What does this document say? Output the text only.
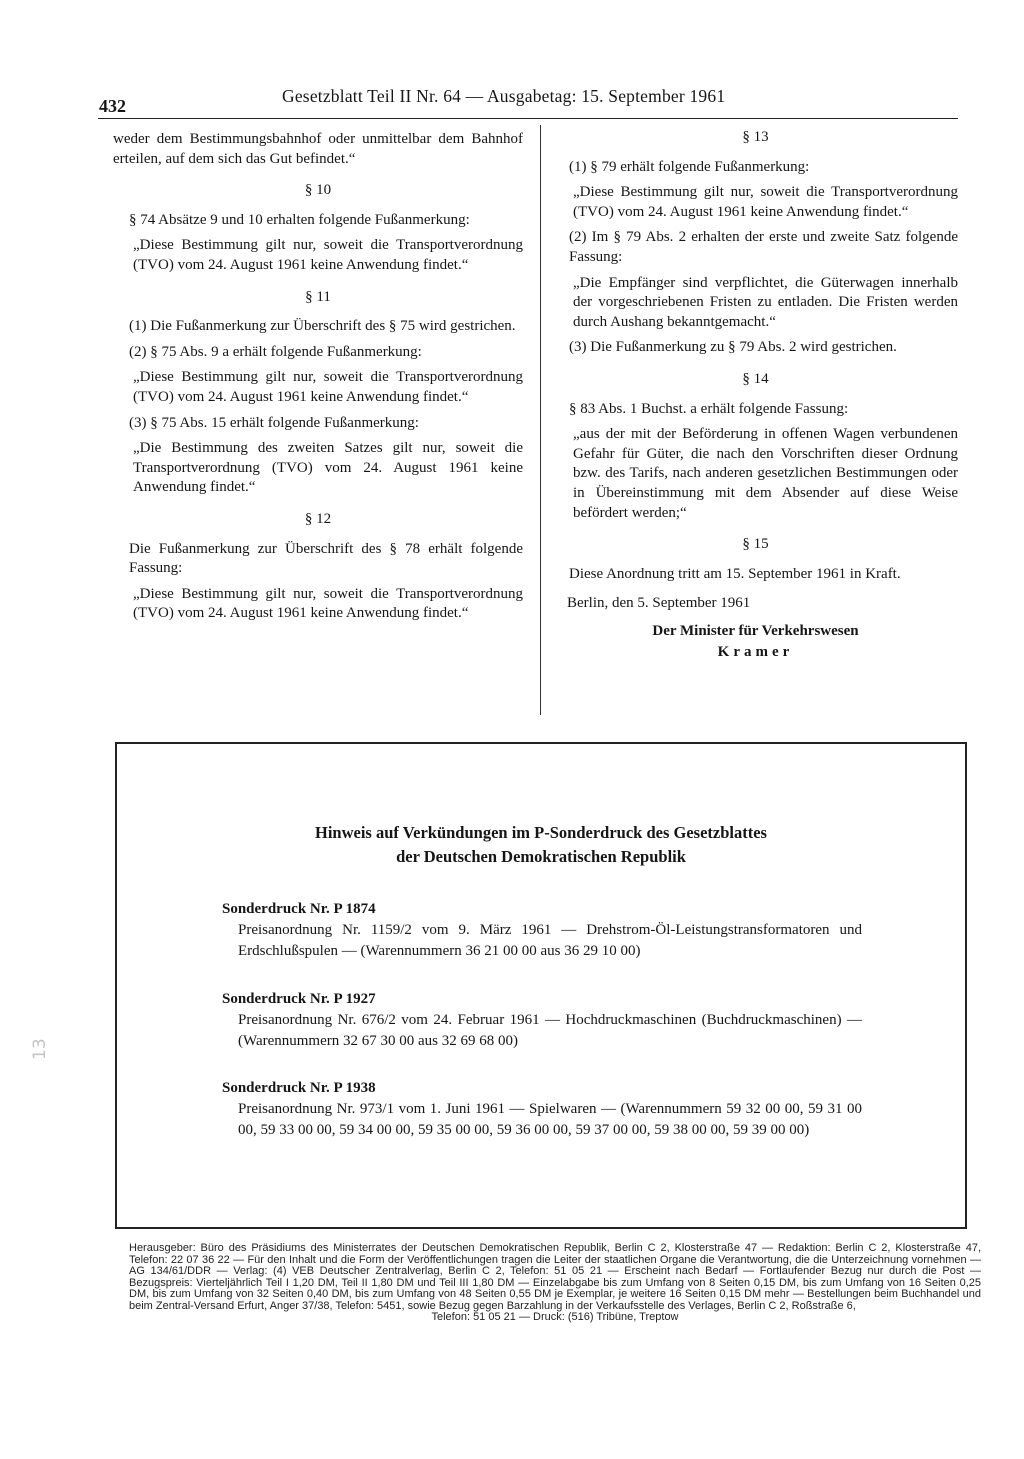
432	Gesetzblatt Teil II Nr. 64 — Ausgabetag: 15. September 1961

weder dem Bestimmungsbahnhof oder unmittelbar dem Bahnhof erteilen, auf dem sich das Gut befindet.“

§ 10

§ 74 Absätze 9 und 10 erhalten folgende Fußanmerkung:

„Diese Bestimmung gilt nur, soweit die Transportverordnung (TVO) vom 24. August 1961 keine Anwendung findet.“

§ 11

(1) Die Fußanmerkung zur Überschrift des § 75 wird gestrichen.

(2) § 75 Abs. 9 a erhält folgende Fußanmerkung:

„Diese Bestimmung gilt nur, soweit die Transportverordnung (TVO) vom 24. August 1961 keine Anwendung findet.“

(3) § 75 Abs. 15 erhält folgende Fußanmerkung:

„Die Bestimmung des zweiten Satzes gilt nur, soweit die Transportverordnung (TVO) vom 24. August 1961 keine Anwendung findet.“

§ 12

Die Fußanmerkung zur Überschrift des § 78 erhält folgende Fassung:

„Diese Bestimmung gilt nur, soweit die Transportverordnung (TVO) vom 24. August 1961 keine Anwendung findet.“

§ 13

(1) § 79 erhält folgende Fußanmerkung:

„Diese Bestimmung gilt nur, soweit die Transportverordnung (TVO) vom 24. August 1961 keine Anwendung findet.“

(2) Im § 79 Abs. 2 erhalten der erste und zweite Satz folgende Fassung:

„Die Empfänger sind verpflichtet, die Güterwagen innerhalb der vorgeschriebenen Fristen zu entladen. Die Fristen werden durch Aushang bekanntgemacht.“

(3) Die Fußanmerkung zu § 79 Abs. 2 wird gestrichen.

§ 14

§ 83 Abs. 1 Buchst. a erhält folgende Fassung:

„aus der mit der Beförderung in offenen Wagen verbundenen Gefahr für Güter, die nach den Vorschriften dieser Ordnung bzw. des Tarifs, nach anderen gesetzlichen Bestimmungen oder in Übereinstimmung mit dem Absender auf diese Weise befördert werden;“

§ 15

Diese Anordnung tritt am 15. September 1961 in Kraft.

Berlin, den 5. September 1961
Der Minister für Verkehrswesen
Kramer
Hinweis auf Verkündungen im P-Sonderdruck des Gesetzblattes
der Deutschen Demokratischen Republik
Sonderdruck Nr. P 1874
Preisanordnung Nr. 1159/2 vom 9. März 1961 — Drehstrom-Öl-Leistungstransformatoren und Erdschlußspulen — (Warennummern 36 21 00 00 aus 36 29 10 00)
Sonderdruck Nr. P 1927
Preisanordnung Nr. 676/2 vom 24. Februar 1961 — Hochdruckmaschinen (Buchdruckmaschinen) — (Warennummern 32 67 30 00 aus 32 69 68 00)
Sonderdruck Nr. P 1938
Preisanordnung Nr. 973/1 vom 1. Juni 1961 — Spielwaren — (Warennummern 59 32 00 00, 59 31 00 00, 59 33 00 00, 59 34 00 00, 59 35 00 00, 59 36 00 00, 59 37 00 00, 59 38 00 00, 59 39 00 00)
Herausgeber: Büro des Präsidiums des Ministerrates der Deutschen Demokratischen Republik, Berlin C 2, Klosterstraße 47 — Redaktion: Berlin C 2, Klosterstraße 47, Telefon: 22 07 36 22 — Für den Inhalt und die Form der Veröffentlichungen tragen die Leiter der staatlichen Organe die Verantwortung, die die Unterzeichnung vornehmen — AG 134/61/DDR — Verlag: (4) VEB Deutscher Zentralverlag, Berlin C 2, Telefon: 51 05 21 — Erscheint nach Bedarf — Fortlaufender Bezug nur durch die Post — Bezugspreis: Vierteljährlich Teil I 1,20 DM, Teil II 1,80 DM und Teil III 1,80 DM — Einzelabgabe bis zum Umfang von 8 Seiten 0,15 DM, bis zum Umfang von 16 Seiten 0,25 DM, bis zum Umfang von 32 Seiten 0,40 DM, bis zum Umfang von 48 Seiten 0,55 DM je Exemplar, je weitere 16 Seiten 0,15 DM mehr — Bestellungen beim Buchhandel und beim Zentral-Versand Erfurt, Anger 37/38, Telefon: 5451, sowie Bezug gegen Barzahlung in der Verkaufsstelle des Verlages, Berlin C 2, Roßstraße 6,
Telefon: 51 05 21 — Druck: (516) Tribüne, Treptow
13
